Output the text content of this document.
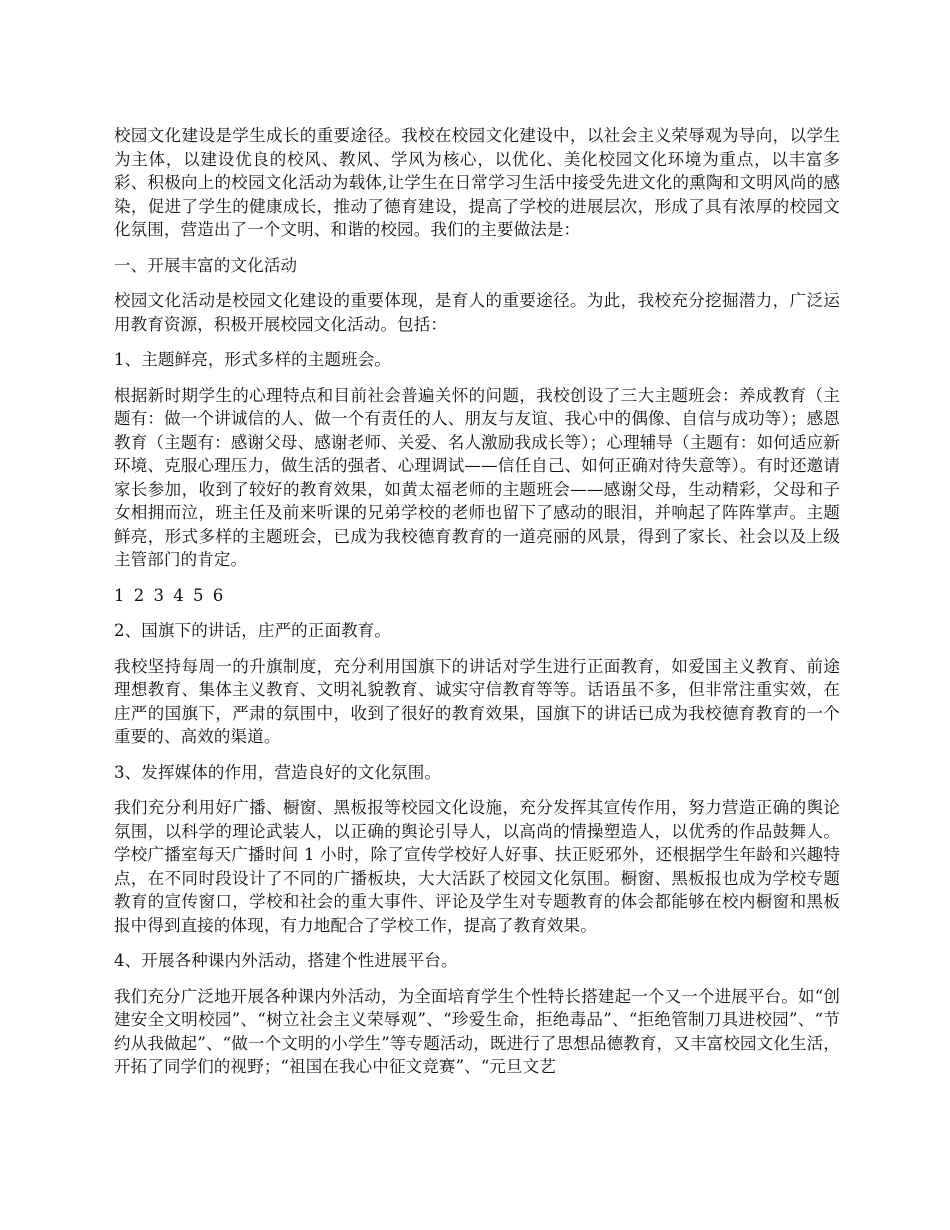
校园文化建设是学生成长的重要途径。我校在校园文化建设中，以社会主义荣辱观为导向，以学生为主体，以建设优良的校风、教风、学风为核心，以优化、美化校园文化环境为重点，以丰富多彩、积极向上的校园文化活动为载体,让学生在日常学习生活中接受先进文化的熏陶和文明风尚的感染，促进了学生的健康成长，推动了德育建设，提高了学校的进展层次，形成了具有浓厚的校园文化氛围，营造出了一个文明、和谐的校园。我们的主要做法是：

一、开展丰富的文化活动

校园文化活动是校园文化建设的重要体现，是育人的重要途径。为此，我校充分挖掘潜力，广泛运用教育资源，积极开展校园文化活动。包括：

1、主题鲜亮，形式多样的主题班会。

根据新时期学生的心理特点和目前社会普遍关怀的问题，我校创设了三大主题班会：养成教育（主题有：做一个讲诚信的人、做一个有责任的人、朋友与友谊、我心中的偶像、自信与成功等）；感恩教育（主题有：感谢父母、感谢老师、关爱、名人激励我成长等）；心理辅导（主题有：如何适应新环境、克服心理压力，做生活的强者、心理调试——信任自己、如何正确对待失意等）。有时还邀请家长参加，收到了较好的教育效果，如黄太福老师的主题班会——感谢父母，生动精彩，父母和子女相拥而泣，班主任及前来听课的兄弟学校的老师也留下了感动的眼泪，并响起了阵阵掌声。主题鲜亮，形式多样的主题班会，已成为我校德育教育的一道亮丽的风景，得到了家长、社会以及上级主管部门的肯定。

1 2 3 4 5 6

2、国旗下的讲话，庄严的正面教育。

我校坚持每周一的升旗制度，充分利用国旗下的讲话对学生进行正面教育，如爱国主义教育、前途理想教育、集体主义教育、文明礼貌教育、诚实守信教育等等。话语虽不多，但非常注重实效，在庄严的国旗下，严肃的氛围中，收到了很好的教育效果，国旗下的讲话已成为我校德育教育的一个重要的、高效的渠道。

3、发挥媒体的作用，营造良好的文化氛围。

我们充分利用好广播、橱窗、黑板报等校园文化设施，充分发挥其宣传作用，努力营造正确的舆论氛围，以科学的理论武装人，以正确的舆论引导人，以高尚的情操塑造人，以优秀的作品鼓舞人。学校广播室每天广播时间 1 小时，除了宣传学校好人好事、扶正贬邪外，还根据学生年龄和兴趣特点，在不同时段设计了不同的广播板块，大大活跃了校园文化氛围。橱窗、黑板报也成为学校专题教育的宣传窗口，学校和社会的重大事件、评论及学生对专题教育的体会都能够在校内橱窗和黑板报中得到直接的体现，有力地配合了学校工作，提高了教育效果。

4、开展各种课内外活动，搭建个性进展平台。

我们充分广泛地开展各种课内外活动，为全面培育学生个性特长搭建起一个又一个进展平台。如“创建安全文明校园”、“树立社会主义荣辱观”、“珍爱生命，拒绝毒品”、“拒绝管制刀具进校园”、“节约从我做起”、“做一个文明的小学生”等专题活动，既进行了思想品德教育，又丰富校园文化生活，开拓了同学们的视野；“祖国在我心中征文竞赛”、“元旦文艺
